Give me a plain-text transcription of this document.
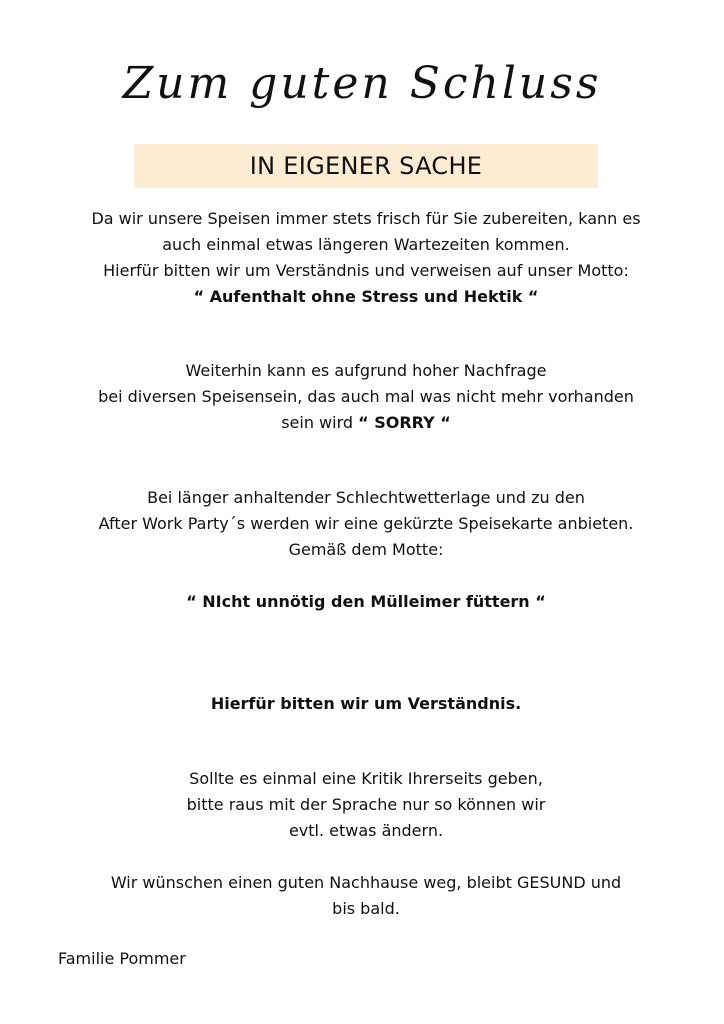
Zum guten Schluss
IN EIGENER SACHE

Da wir unsere Speisen immer stets frisch für Sie zubereiten, kann es
auch einmal etwas längeren Wartezeiten kommen.
Hierfür bitten wir um Verständnis und verweisen auf unser Motto:
“ Aufenthalt ohne Stress und Hektik “

Weiterhin kann es aufgrund hoher Nachfrage
bei diversen Speisensein, das auch mal was nicht mehr vorhanden
sein wird “ SORRY “

Bei länger anhaltender Schlechtwetterlage und zu den
After Work Party´s werden wir eine gekürzte Speisekarte anbieten.
Gemäß dem Motte:

“ NIcht unnötig den Mülleimer füttern “

Hierfür bitten wir um Verständnis.

Sollte es einmal eine Kritik Ihrerseits geben,
bitte raus mit der Sprache nur so können wir
evtl. etwas ändern.

Wir wünschen einen guten Nachhause weg, bleibt GESUND und
bis bald.

Familie Pommer
